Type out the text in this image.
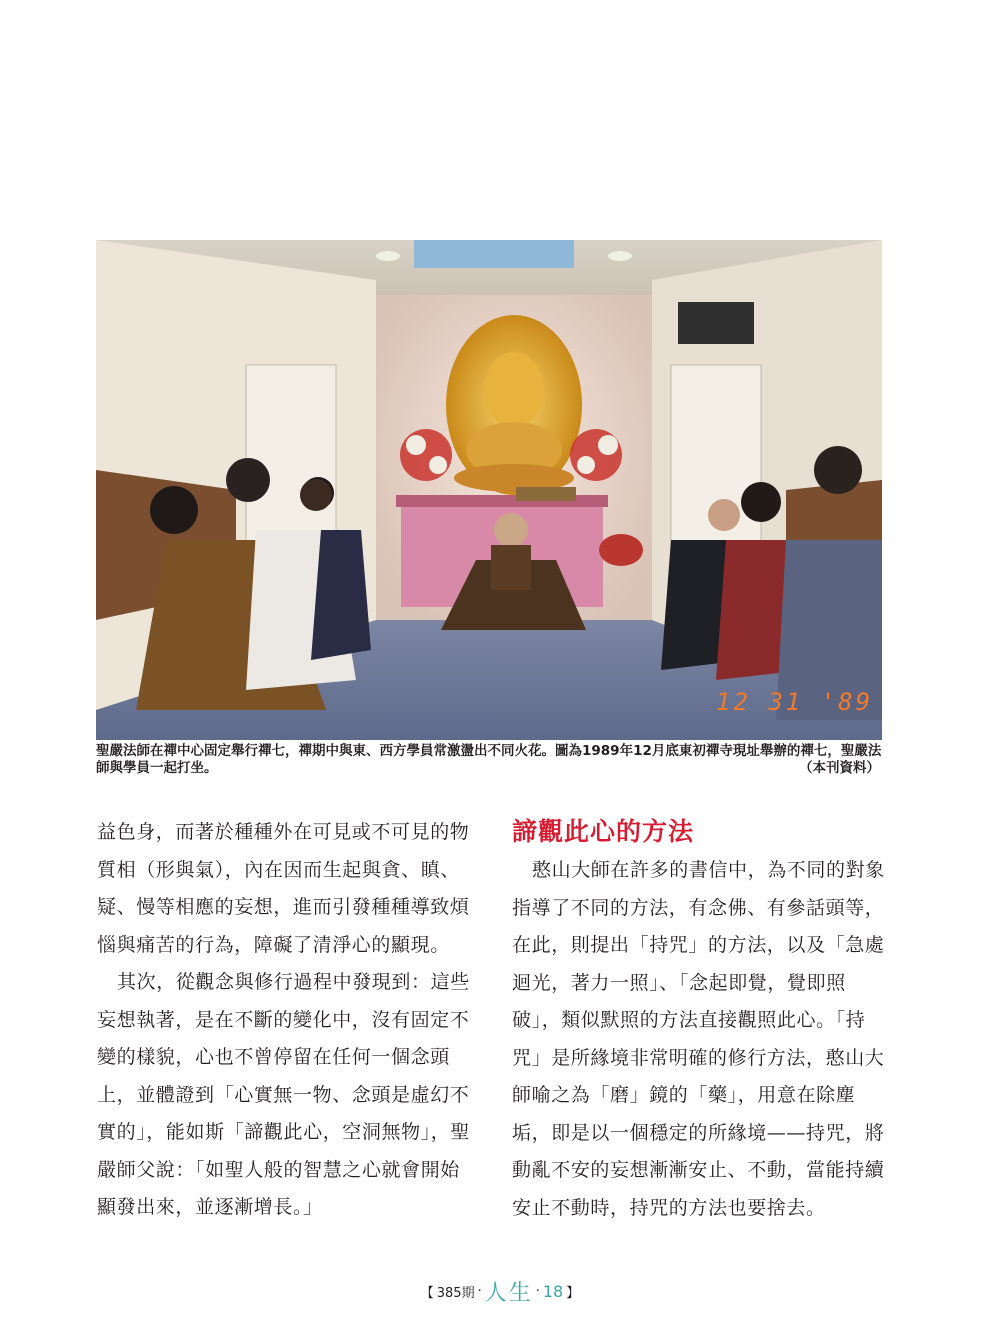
12 31 '89
聖嚴法師在禪中心固定舉行禪七，禪期中與東、西方學員常激盪出不同火花。圖為1989年12月底東初禪寺現址舉辦的禪七，聖嚴法
師與學員一起打坐。	（本刊資料）

益色身，而著於種種外在可見或不可見的物質相（形與氣），內在因而生起與貪、瞋、疑、慢等相應的妄想，進而引發種種導致煩惱與痛苦的行為，障礙了清淨心的顯現。

其次，從觀念與修行過程中發現到：這些妄想執著，是在不斷的變化中，沒有固定不變的樣貌，心也不曾停留在任何一個念頭上，並體證到「心實無一物、念頭是虛幻不實的」，能如斯「諦觀此心，空洞無物」，聖嚴師父說：「如聖人般的智慧之心就會開始顯發出來，並逐漸增長。」

諦觀此心的方法

憨山大師在許多的書信中，為不同的對象指導了不同的方法，有念佛、有參話頭等，在此，則提出「持咒」的方法，以及「急處迴光，著力一照」、「念起即覺，覺即照破」，類似默照的方法直接觀照此心。「持咒」是所緣境非常明確的修行方法，憨山大師喻之為「磨」鏡的「藥」，用意在除塵垢，即是以一個穩定的所緣境——持咒，將動亂不安的妄想漸漸安止、不動，當能持續安止不動時，持咒的方法也要捨去。

【 385期 · 人生 · 18 】
